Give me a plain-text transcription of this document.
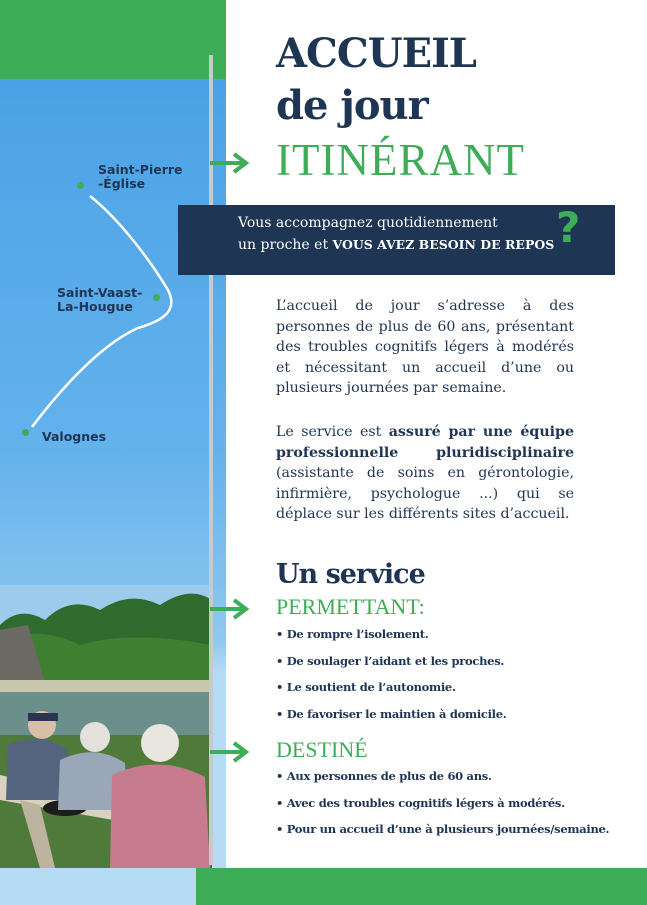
Saint-Pierre
-Église
Saint-Vaast-
La-Hougue
Valognes
ACCUEIL
de jour
ITINÉRANT
Vous accompagnez quotidiennement
un proche et VOUS AVEZ BESOIN DE REPOS ?
L’accueil de jour s’adresse à des personnes de plus de 60 ans, présentant des troubles cognitifs légers à modérés et nécessitant un accueil d’une ou plusieurs journées par semaine.
Le service est assuré par une équipe professionnelle pluridisciplinaire (assistante de soins en gérontologie, infirmière, psychologue ...) qui se déplace sur les différents sites d’accueil.
Un service
PERMETTANT:
• De rompre l’isolement.
• De soulager l’aidant et les proches.
• Le soutient de l’autonomie.
• De favoriser le maintien à domicile.
DESTINÉ
• Aux personnes de plus de 60 ans.
• Avec des troubles cognitifs légers à modérés.
• Pour un accueil d’une à plusieurs journées/semaine.
